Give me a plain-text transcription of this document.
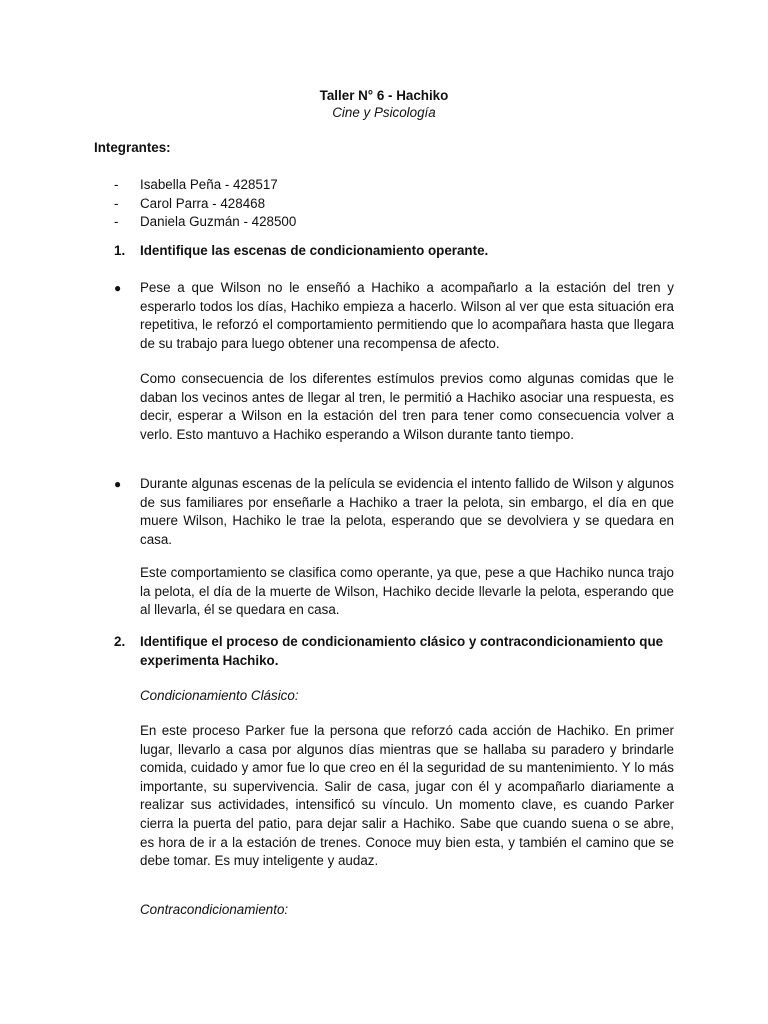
Taller N° 6 - Hachiko
Cine y Psicología
Integrantes:
- Isabella Peña - 428517
- Carol Parra - 428468
- Daniela Guzmán - 428500
1. Identifique las escenas de condicionamiento operante.
● Pese a que Wilson no le enseñó a Hachiko a acompañarlo a la estación del tren y esperarlo todos los días, Hachiko empieza a hacerlo. Wilson al ver que esta situación era repetitiva, le reforzó el comportamiento permitiendo que lo acompañara hasta que llegara de su trabajo para luego obtener una recompensa de afecto.
Como consecuencia de los diferentes estímulos previos como algunas comidas que le daban los vecinos antes de llegar al tren, le permitió a Hachiko asociar una respuesta, es decir, esperar a Wilson en la estación del tren para tener como consecuencia volver a verlo. Esto mantuvo a Hachiko esperando a Wilson durante tanto tiempo.
● Durante algunas escenas de la película se evidencia el intento fallido de Wilson y algunos de sus familiares por enseñarle a Hachiko a traer la pelota, sin embargo, el día en que muere Wilson, Hachiko le trae la pelota, esperando que se devolviera y se quedara en casa.
Este comportamiento se clasifica como operante, ya que, pese a que Hachiko nunca trajo la pelota, el día de la muerte de Wilson, Hachiko decide llevarle la pelota, esperando que al llevarla, él se quedara en casa.
2. Identifique el proceso de condicionamiento clásico y contracondicionamiento que experimenta Hachiko.
Condicionamiento Clásico:
En este proceso Parker fue la persona que reforzó cada acción de Hachiko. En primer lugar, llevarlo a casa por algunos días mientras que se hallaba su paradero y brindarle comida, cuidado y amor fue lo que creo en él la seguridad de su mantenimiento. Y lo más importante, su supervivencia. Salir de casa, jugar con él y acompañarlo diariamente a realizar sus actividades, intensificó su vínculo. Un momento clave, es cuando Parker cierra la puerta del patio, para dejar salir a Hachiko. Sabe que cuando suena o se abre, es hora de ir a la estación de trenes. Conoce muy bien esta, y también el camino que se debe tomar. Es muy inteligente y audaz.
Contracondicionamiento:
